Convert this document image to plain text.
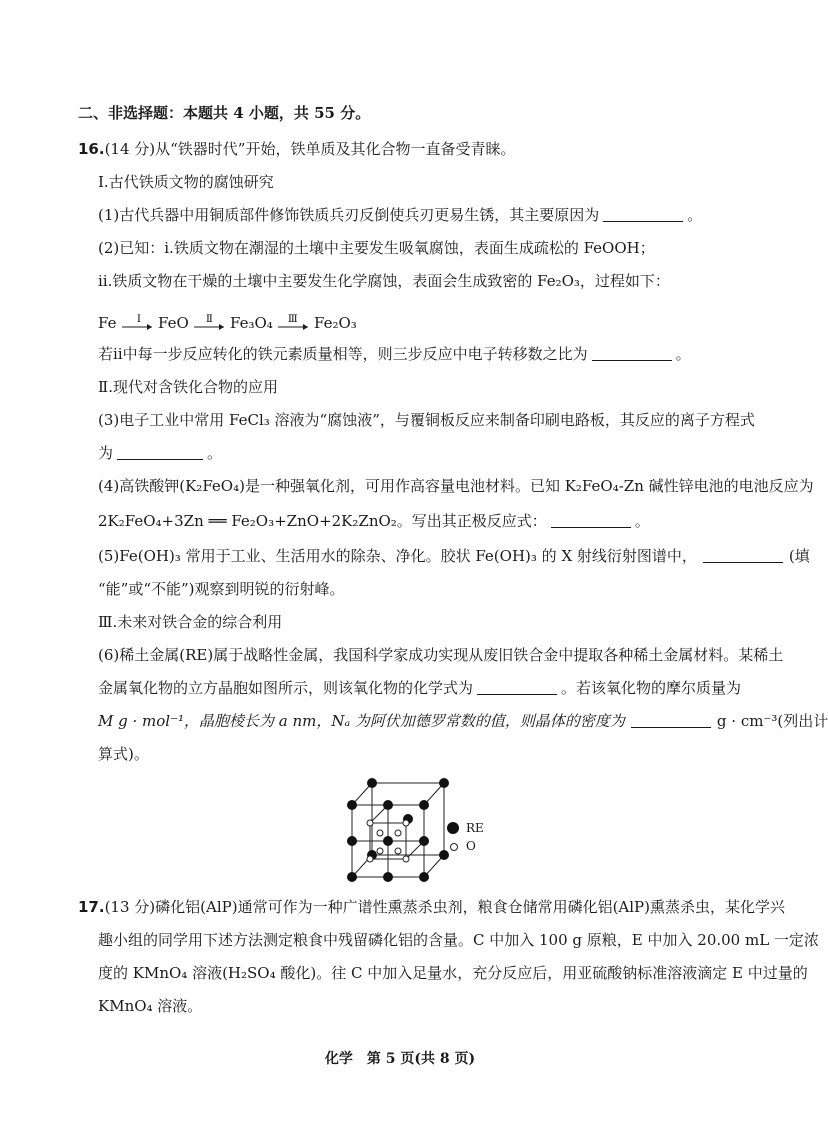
二、非选择题：本题共 4 小题，共 55 分。
16.(14 分)从“铁器时代”开始，铁单质及其化合物一直备受青睐。
Ⅰ.古代铁质文物的腐蚀研究
(1)古代兵器中用铜质部件修饰铁质兵刃反倒使兵刃更易生锈，其主要原因为	。
(2)已知：ⅰ.铁质文物在潮湿的土壤中主要发生吸氧腐蚀，表面生成疏松的 FeOOH；
ⅱ.铁质文物在干燥的土壤中主要发生化学腐蚀，表面会生成致密的 Fe₂O₃，过程如下：
Fe Ⅰ FeO Ⅱ Fe₃O₄ Ⅲ Fe₂O₃
若ⅱ中每一步反应转化的铁元素质量相等，则三步反应中电子转移数之比为	。
Ⅱ.现代对含铁化合物的应用
(3)电子工业中常用 FeCl₃ 溶液为“腐蚀液”，与覆铜板反应来制备印刷电路板，其反应的离子方程式
为	。
(4)高铁酸钾(K₂FeO₄)是一种强氧化剂，可用作高容量电池材料。已知 K₂FeO₄-Zn 碱性锌电池的电池反应为
2K₂FeO₄+3Zn ══ Fe₂O₃+ZnO+2K₂ZnO₂。写出其正极反应式：	。
(5)Fe(OH)₃ 常用于工业、生活用水的除杂、净化。胶状 Fe(OH)₃ 的 X 射线衍射图谱中，	(填
“能”或“不能”)观察到明锐的衍射峰。
Ⅲ.未来对铁合金的综合利用
(6)稀土金属(RE)属于战略性金属，我国科学家成功实现从废旧铁合金中提取各种稀土金属材料。某稀土
金属氧化物的立方晶胞如图所示，则该氧化物的化学式为	。若该氧化物的摩尔质量为
M g · mol⁻¹，晶胞棱长为 a nm，Nₐ 为阿伏加德罗常数的值，则晶体的密度为	g · cm⁻³(列出计
算式)。
RE
O
17.(13 分)磷化铝(AlP)通常可作为一种广谱性熏蒸杀虫剂，粮食仓储常用磷化铝(AlP)熏蒸杀虫，某化学兴
趣小组的同学用下述方法测定粮食中残留磷化铝的含量。C 中加入 100 g 原粮，E 中加入 20.00 mL 一定浓
度的 KMnO₄ 溶液(H₂SO₄ 酸化)。往 C 中加入足量水，充分反应后，用亚硫酸钠标准溶液滴定 E 中过量的
KMnO₄ 溶液。
化学　第 5 页(共 8 页)
